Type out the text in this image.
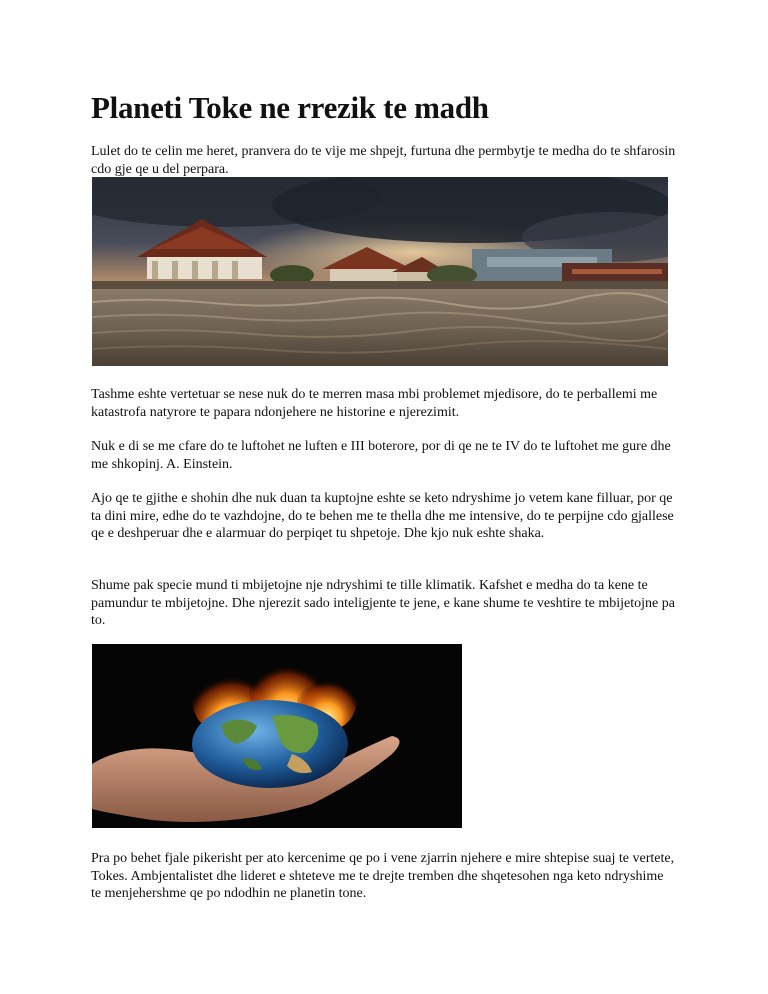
Planeti Toke ne rrezik te madh

Lulet do te celin me heret, pranvera do te vije me shpejt, furtuna dhe permbytje te medha do te shfarosin cdo gje qe u del perpara.

Tashme eshte vertetuar se nese nuk do te merren masa mbi problemet mjedisore, do te perballemi me katastrofa natyrore te papara ndonjehere ne historine e njerezimit.

Nuk e di se me cfare do te luftohet ne luften e III boterore, por di qe ne te IV do te luftohet me gure dhe me shkopinj. A. Einstein.

Ajo qe te gjithe e shohin dhe nuk duan ta kuptojne eshte se keto ndryshime jo vetem kane filluar, por qe ta dini mire, edhe do te vazhdojne, do te behen me te thella dhe me intensive, do te perpijne cdo gjallese qe e deshperuar dhe e alarmuar do perpiqet tu shpetoje. Dhe kjo nuk eshte shaka.

Shume pak specie mund ti mbijetojne nje ndryshimi te tille klimatik. Kafshet e medha do ta kene te pamundur te mbijetojne. Dhe njerezit sado inteligjente te jene, e kane shume te veshtire te mbijetojne pa to.

Pra po behet fjale pikerisht per ato kercenime qe po i vene zjarrin njehere e mire shtepise suaj te vertete, Tokes. Ambjentalistet dhe lideret e shteteve me te drejte tremben dhe shqetesohen nga keto ndryshime te menjehershme qe po ndodhin ne planetin tone.
